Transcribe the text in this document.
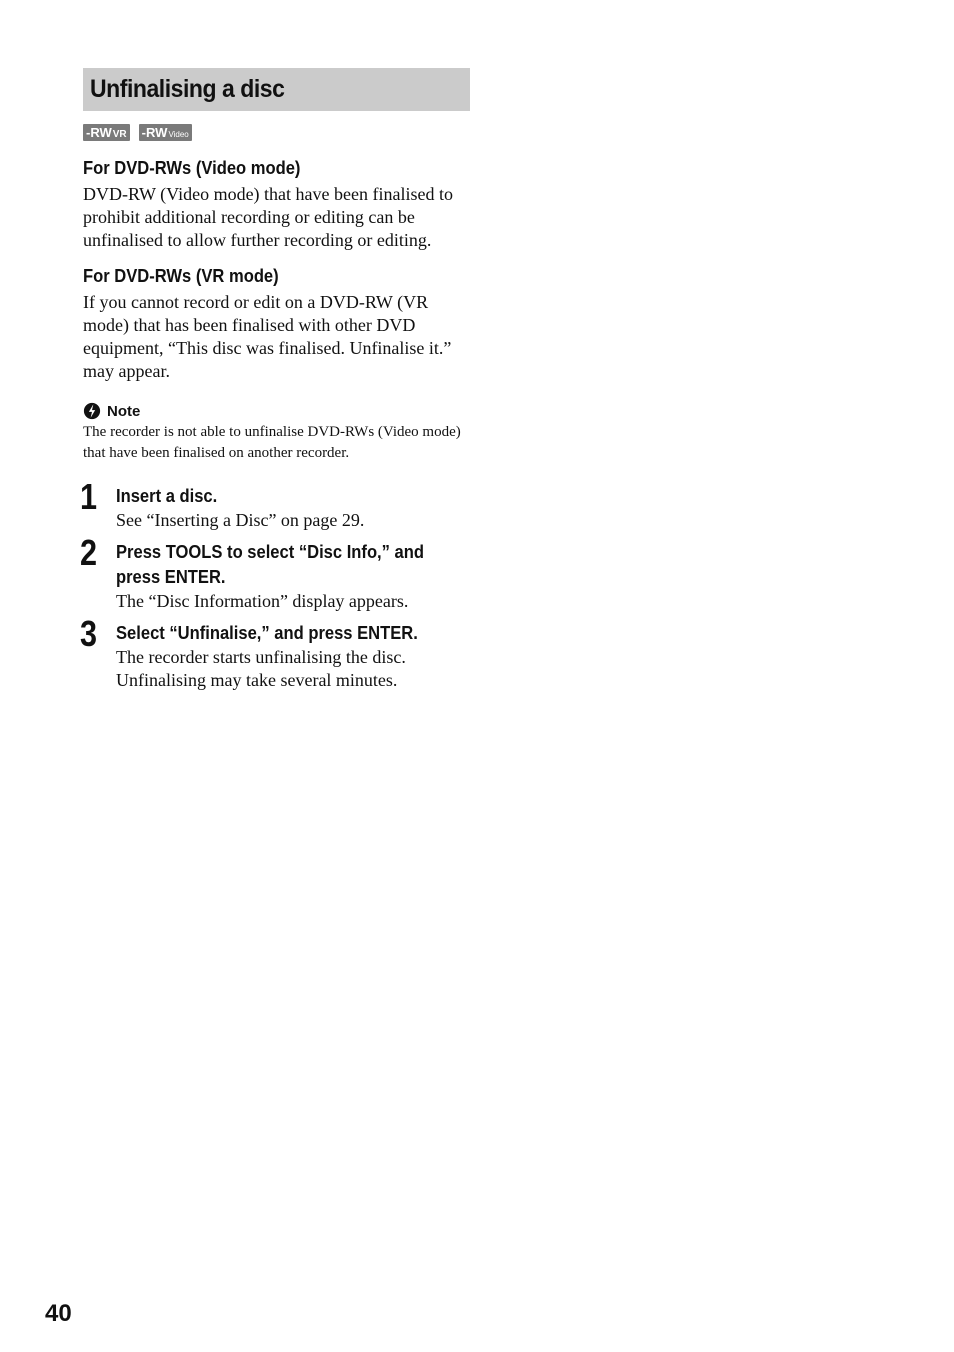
Unfinalising a disc
-RW VR -RW Video
For DVD-RWs (Video mode)

DVD-RW (Video mode) that have been finalised to prohibit additional recording or editing can be unfinalised to allow further recording or editing.

For DVD-RWs (VR mode)

If you cannot record or edit on a DVD-RW (VR mode) that has been finalised with other DVD equipment, “This disc was finalised. Unfinalise it.” may appear.

Note

The recorder is not able to unfinalise DVD-RWs (Video mode) that have been finalised on another recorder.

1 Insert a disc.

See “Inserting a Disc” on page 29.

2 Press TOOLS to select “Disc Info,” and

press ENTER.

The “Disc Information” display appears.

3 Select “Unfinalise,” and press ENTER.

The recorder starts unfinalising the disc.

Unfinalising may take several minutes.

40
